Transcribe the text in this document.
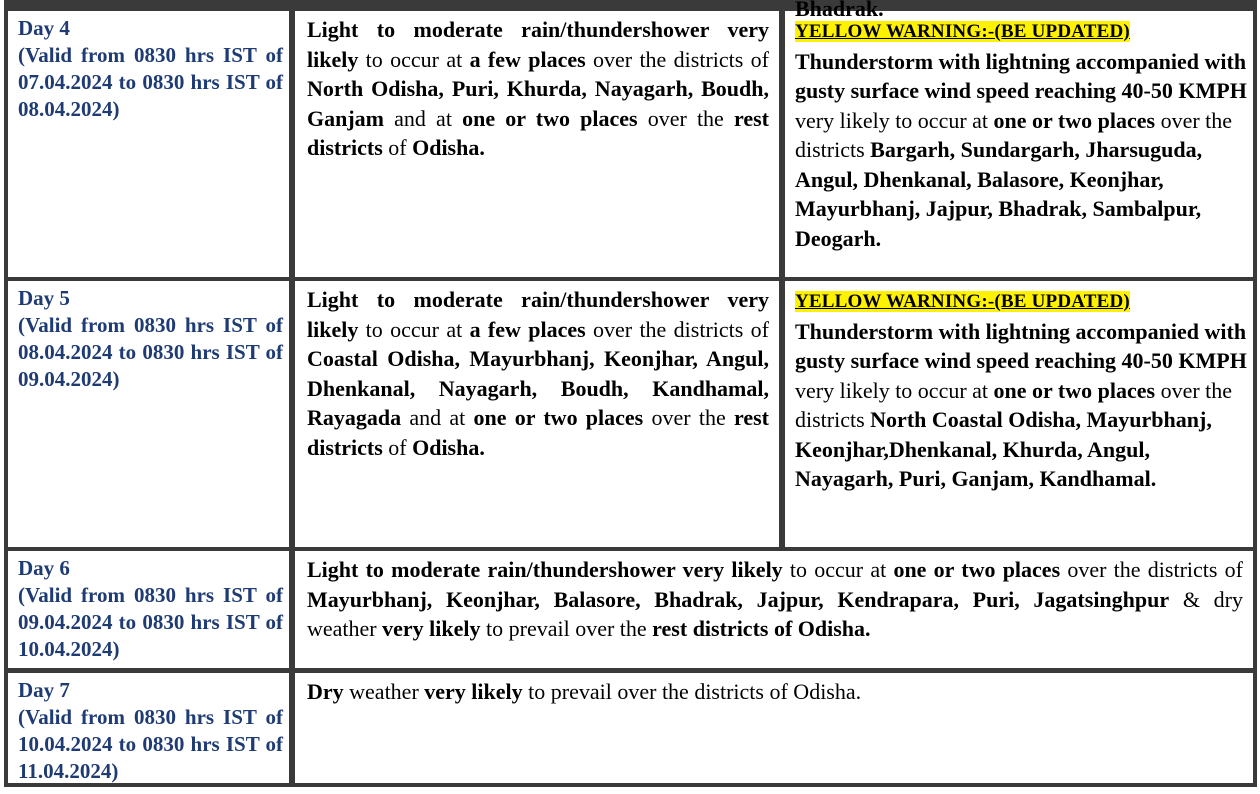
Day 4
(Valid from 0830 hrs IST of 07.04.2024 to 0830 hrs IST of 08.04.2024)
Light to moderate rain/thundershower very likely to occur at a few places over the districts of North Odisha, Puri, Khurda, Nayagarh, Boudh, Ganjam and at one or two places over the rest districts of Odisha.
Bhadrak.
YELLOW WARNING:-(BE UPDATED)
Thunderstorm with lightning accompanied with gusty surface wind speed reaching 40-50 KMPH very likely to occur at one or two places over the districts Bargarh, Sundargarh, Jharsuguda, Angul, Dhenkanal, Balasore, Keonjhar, Mayurbhanj, Jajpur, Bhadrak, Sambalpur, Deogarh.
Day 5
(Valid from 0830 hrs IST of 08.04.2024 to 0830 hrs IST of 09.04.2024)
Light to moderate rain/thundershower very likely to occur at a few places over the districts of Coastal Odisha, Mayurbhanj, Keonjhar, Angul, Dhenkanal, Nayagarh, Boudh, Kandhamal, Rayagada and at one or two places over the rest districts of Odisha.
YELLOW WARNING:-(BE UPDATED)
Thunderstorm with lightning accompanied with gusty surface wind speed reaching 40-50 KMPH very likely to occur at one or two places over the districts North Coastal Odisha, Mayurbhanj, Keonjhar,Dhenkanal, Khurda, Angul, Nayagarh, Puri, Ganjam, Kandhamal.
Day 6
(Valid from 0830 hrs IST of 09.04.2024 to 0830 hrs IST of 10.04.2024)
Light to moderate rain/thundershower very likely to occur at one or two places over the districts of Mayurbhanj, Keonjhar, Balasore, Bhadrak, Jajpur, Kendrapara, Puri, Jagatsinghpur & dry weather very likely to prevail over the rest districts of Odisha.
Day 7
(Valid from 0830 hrs IST of 10.04.2024 to 0830 hrs IST of 11.04.2024)
Dry weather very likely to prevail over the districts of Odisha.
